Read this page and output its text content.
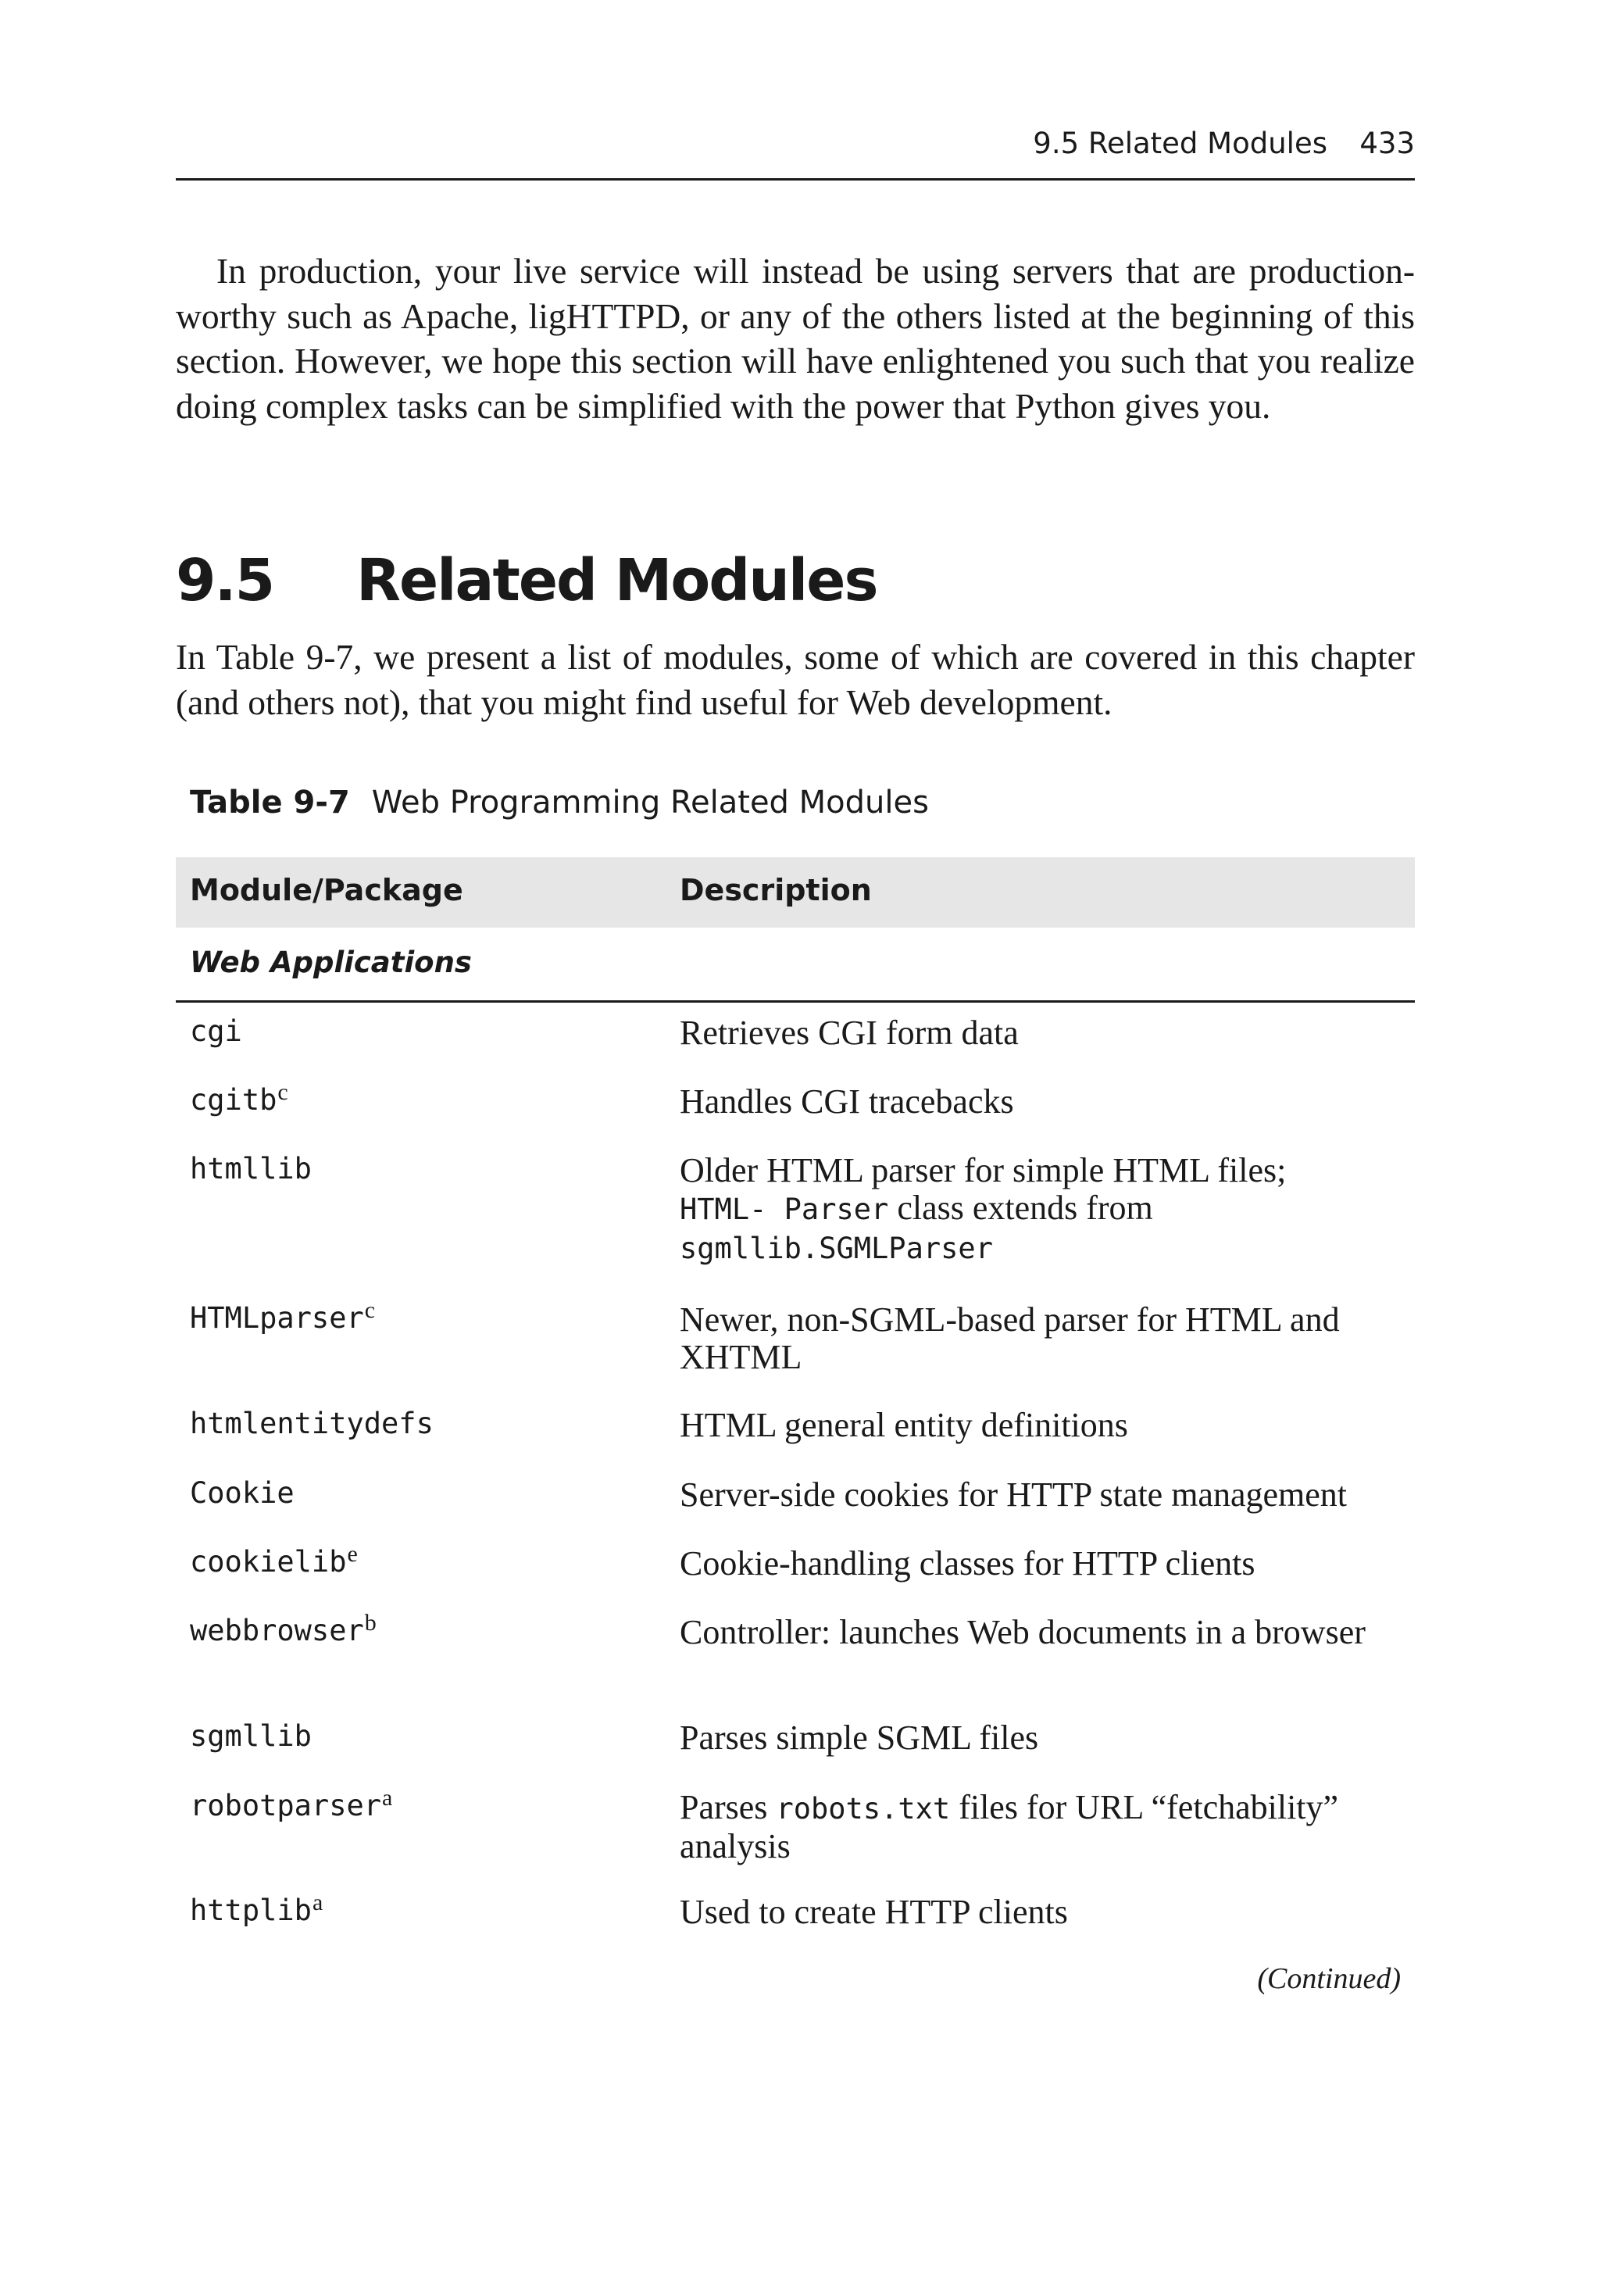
9.5 Related Modules 433

In production, your live service will instead be using servers that are production-worthy such as Apache, ligHTTPD, or any of the others listed at the beginning of this section. However, we hope this section will have enlightened you such that you realize doing complex tasks can be simplified with the power that Python gives you.

9.5 Related Modules

In Table 9-7, we present a list of modules, some of which are covered in this chapter (and others not), that you might find useful for Web development.

Table 9-7 Web Programming Related Modules
Module/Package	Description
Web Applications
cgi	Retrieves CGI form data
cgitb$^c$	Handles CGI tracebacks
htmllib	Older HTML parser for simple HTML files; HTML- Parser class extends from sgmllib.SGMLParser
HTMLparser$^c$	Newer, non-SGML-based parser for HTML and XHTML
htmlentitydefs	HTML general entity definitions
Cookie	Server-side cookies for HTTP state management
cookielib$^e$	Cookie-handling classes for HTTP clients
webbrowser$^b$	Controller: launches Web documents in a browser
sgmllib	Parses simple SGML files
robotparser$^a$	Parses robots.txt files for URL “fetchability” analysis
httplib$^a$	Used to create HTTP clients
(Continued)
